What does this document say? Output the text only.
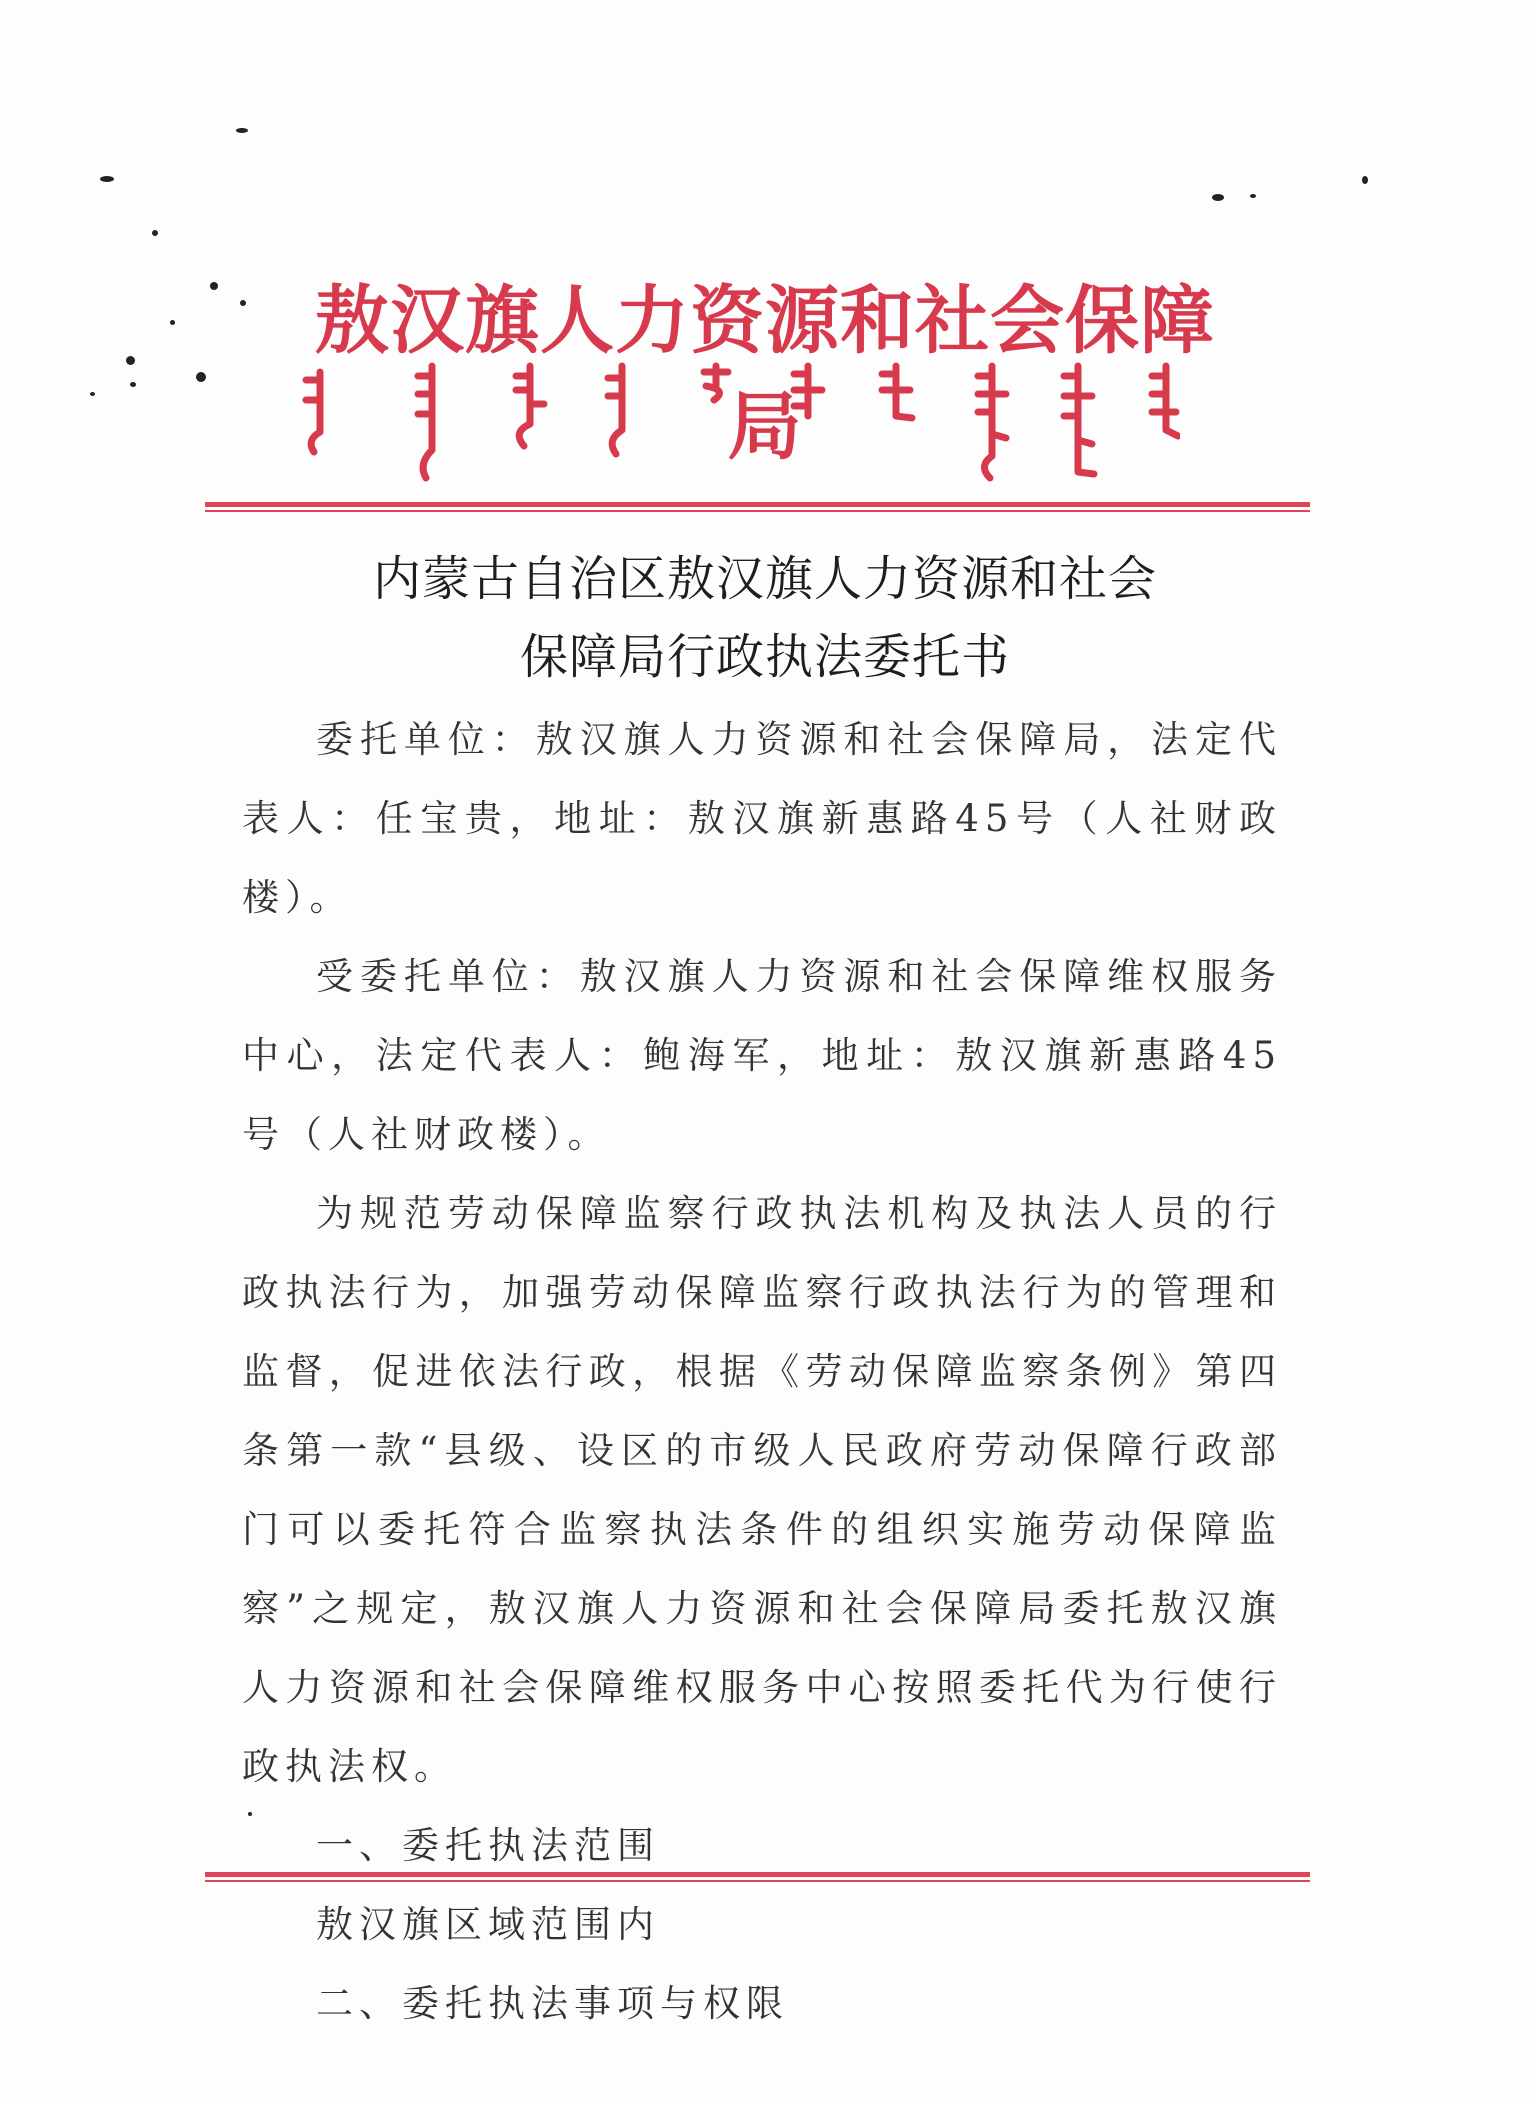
敖汉旗人力资源和社会保障局
内蒙古自治区敖汉旗人力资源和社会
保障局行政执法委托书

委托单位：敖汉旗人力资源和社会保障局，法定代表人：任宝贵，地址：敖汉旗新惠路45号（人社财政楼）。

受委托单位：敖汉旗人力资源和社会保障维权服务中心，法定代表人：鲍海军，地址：敖汉旗新惠路45号（人社财政楼）。

为规范劳动保障监察行政执法机构及执法人员的行政执法行为，加强劳动保障监察行政执法行为的管理和监督，促进依法行政，根据《劳动保障监察条例》第四条第一款“县级、设区的市级人民政府劳动保障行政部门可以委托符合监察执法条件的组织实施劳动保障监察”之规定，敖汉旗人力资源和社会保障局委托敖汉旗人力资源和社会保障维权服务中心按照委托代为行使行政执法权。

一、委托执法范围

敖汉旗区域范围内

二、委托执法事项与权限
